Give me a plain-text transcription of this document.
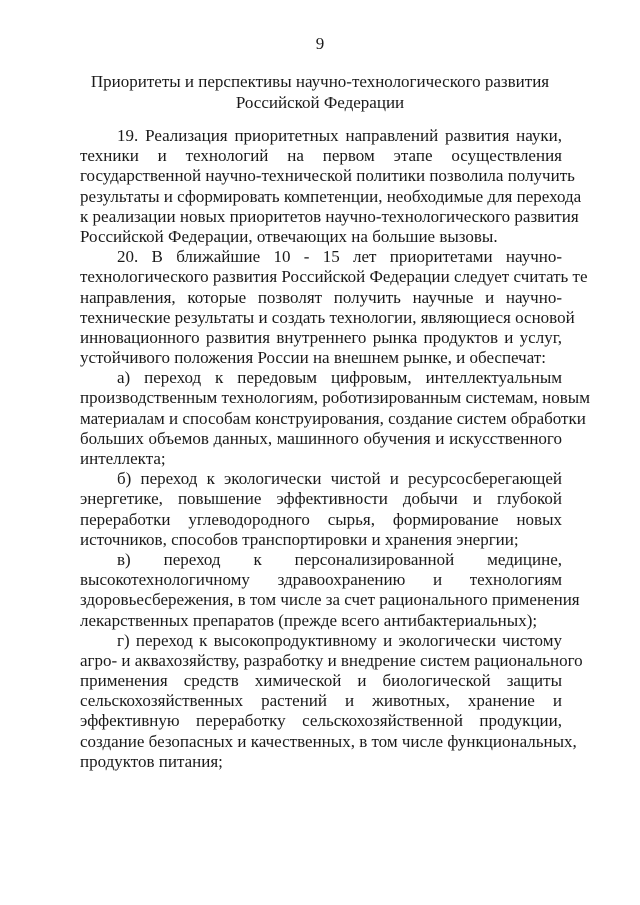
9
Приоритеты и перспективы научно-технологического развития
Российской Федерации
19. Реализация приоритетных направлений развития науки,
техники и технологий на первом этапе осуществления
государственной научно-технической политики позволила получить
результаты и сформировать компетенции, необходимые для перехода
к реализации новых приоритетов научно-технологического развития
Российской Федерации, отвечающих на большие вызовы.
20. В ближайшие 10 - 15 лет приоритетами научно-
технологического развития Российской Федерации следует считать те
направления, которые позволят получить научные и научно-
технические результаты и создать технологии, являющиеся основой
инновационного развития внутреннего рынка продуктов и услуг,
устойчивого положения России на внешнем рынке, и обеспечат:
а) переход к передовым цифровым, интеллектуальным
производственным технологиям, роботизированным системам, новым
материалам и способам конструирования, создание систем обработки
больших объемов данных, машинного обучения и искусственного
интеллекта;
б) переход к экологически чистой и ресурсосберегающей
энергетике, повышение эффективности добычи и глубокой
переработки углеводородного сырья, формирование новых
источников, способов транспортировки и хранения энергии;
в) переход к персонализированной медицине,
высокотехнологичному здравоохранению и технологиям
здоровьесбережения, в том числе за счет рационального применения
лекарственных препаратов (прежде всего антибактериальных);
г) переход к высокопродуктивному и экологически чистому
агро- и аквахозяйству, разработку и внедрение систем рационального
применения средств химической и биологической защиты
сельскохозяйственных растений и животных, хранение и
эффективную переработку сельскохозяйственной продукции,
создание безопасных и качественных, в том числе функциональных,
продуктов питания;
